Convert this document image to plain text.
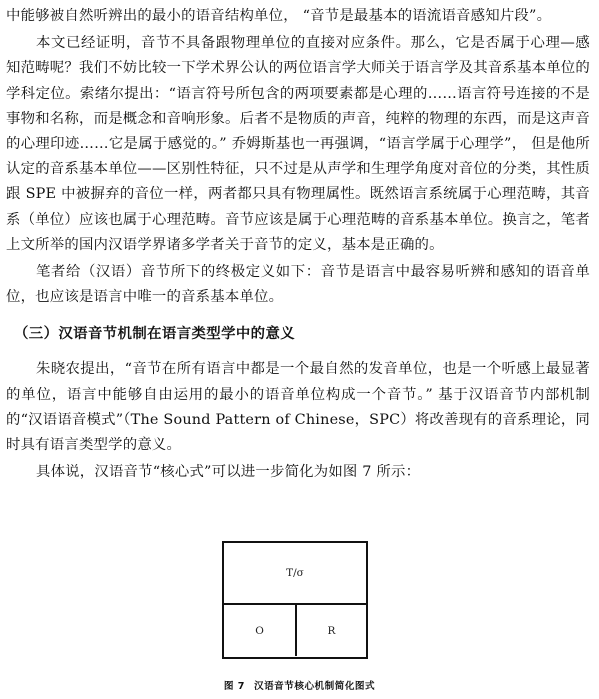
中能够被自然听辨出的最小的语音结构单位， “音节是最基本的语流语音感知片段”。

本文已经证明，音节不具备跟物理单位的直接对应条件。那么，它是否属于心理—感知范畴呢？我们不妨比较一下学术界公认的两位语言学大师关于语言学及其音系基本单位的学科定位。索绪尔提出：“语言符号所包含的两项要素都是心理的……语言符号连接的不是事物和名称，而是概念和音响形象。后者不是物质的声音，纯粹的物理的东西，而是这声音的心理印迹……它是属于感觉的。” 乔姆斯基也一再强调，“语言学属于心理学”， 但是他所认定的音系基本单位——区别性特征，只不过是从声学和生理学角度对音位的分类，其性质跟 SPE 中被摒弃的音位一样，两者都只具有物理属性。既然语言系统属于心理范畴，其音系（单位）应该也属于心理范畴。音节应该是属于心理范畴的音系基本单位。换言之，笔者上文所举的国内汉语学界诸多学者关于音节的定义，基本是正确的。

笔者给（汉语）音节所下的终极定义如下：音节是语言中最容易听辨和感知的语音单位，也应该是语言中唯一的音系基本单位。

（三）汉语音节机制在语言类型学中的意义

朱晓农提出，“音节在所有语言中都是一个最自然的发音单位，也是一个听感上最显著的单位，语言中能够自由运用的最小的语音单位构成一个音节。” 基于汉语音节内部机制的“汉语语音模式”（The Sound Pattern of Chinese，SPC）将改善现有的音系理论，同时具有语言类型学的意义。

具体说，汉语音节“核心式”可以进一步简化为如图 7 所示：

T/σ
O	R
图 7 汉语音节核心机制简化图式
